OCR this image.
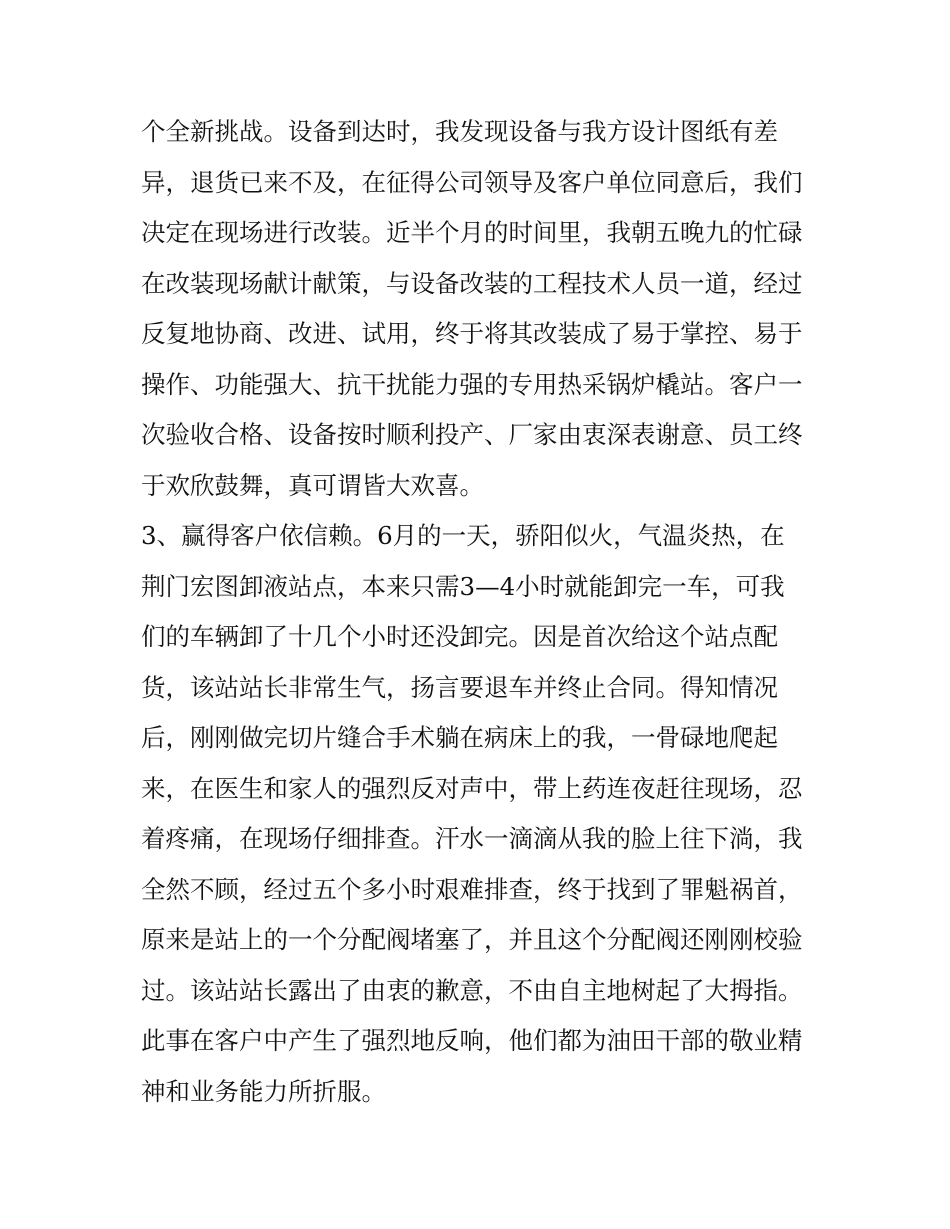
个全新挑战。设备到达时，我发现设备与我方设计图纸有差
异，退货已来不及，在征得公司领导及客户单位同意后，我们
决定在现场进行改装。近半个月的时间里，我朝五晚九的忙碌
在改装现场献计献策，与设备改装的工程技术人员一道，经过
反复地协商、改进、试用，终于将其改装成了易于掌控、易于
操作、功能强大、抗干扰能力强的专用热采锅炉橇站。客户一
次验收合格、设备按时顺利投产、厂家由衷深表谢意、员工终
于欢欣鼓舞，真可谓皆大欢喜。
3、赢得客户依信赖。6月的一天，骄阳似火，气温炎热，在
荆门宏图卸液站点，本来只需3—4小时就能卸完一车，可我
们的车辆卸了十几个小时还没卸完。因是首次给这个站点配
货，该站站长非常生气，扬言要退车并终止合同。得知情况
后，刚刚做完切片缝合手术躺在病床上的我，一骨碌地爬起
来，在医生和家人的强烈反对声中，带上药连夜赶往现场，忍
着疼痛，在现场仔细排查。汗水一滴滴从我的脸上往下淌，我
全然不顾，经过五个多小时艰难排查，终于找到了罪魁祸首，
原来是站上的一个分配阀堵塞了，并且这个分配阀还刚刚校验
过。该站站长露出了由衷的歉意，不由自主地树起了大拇指。
此事在客户中产生了强烈地反响，他们都为油田干部的敬业精
神和业务能力所折服。
